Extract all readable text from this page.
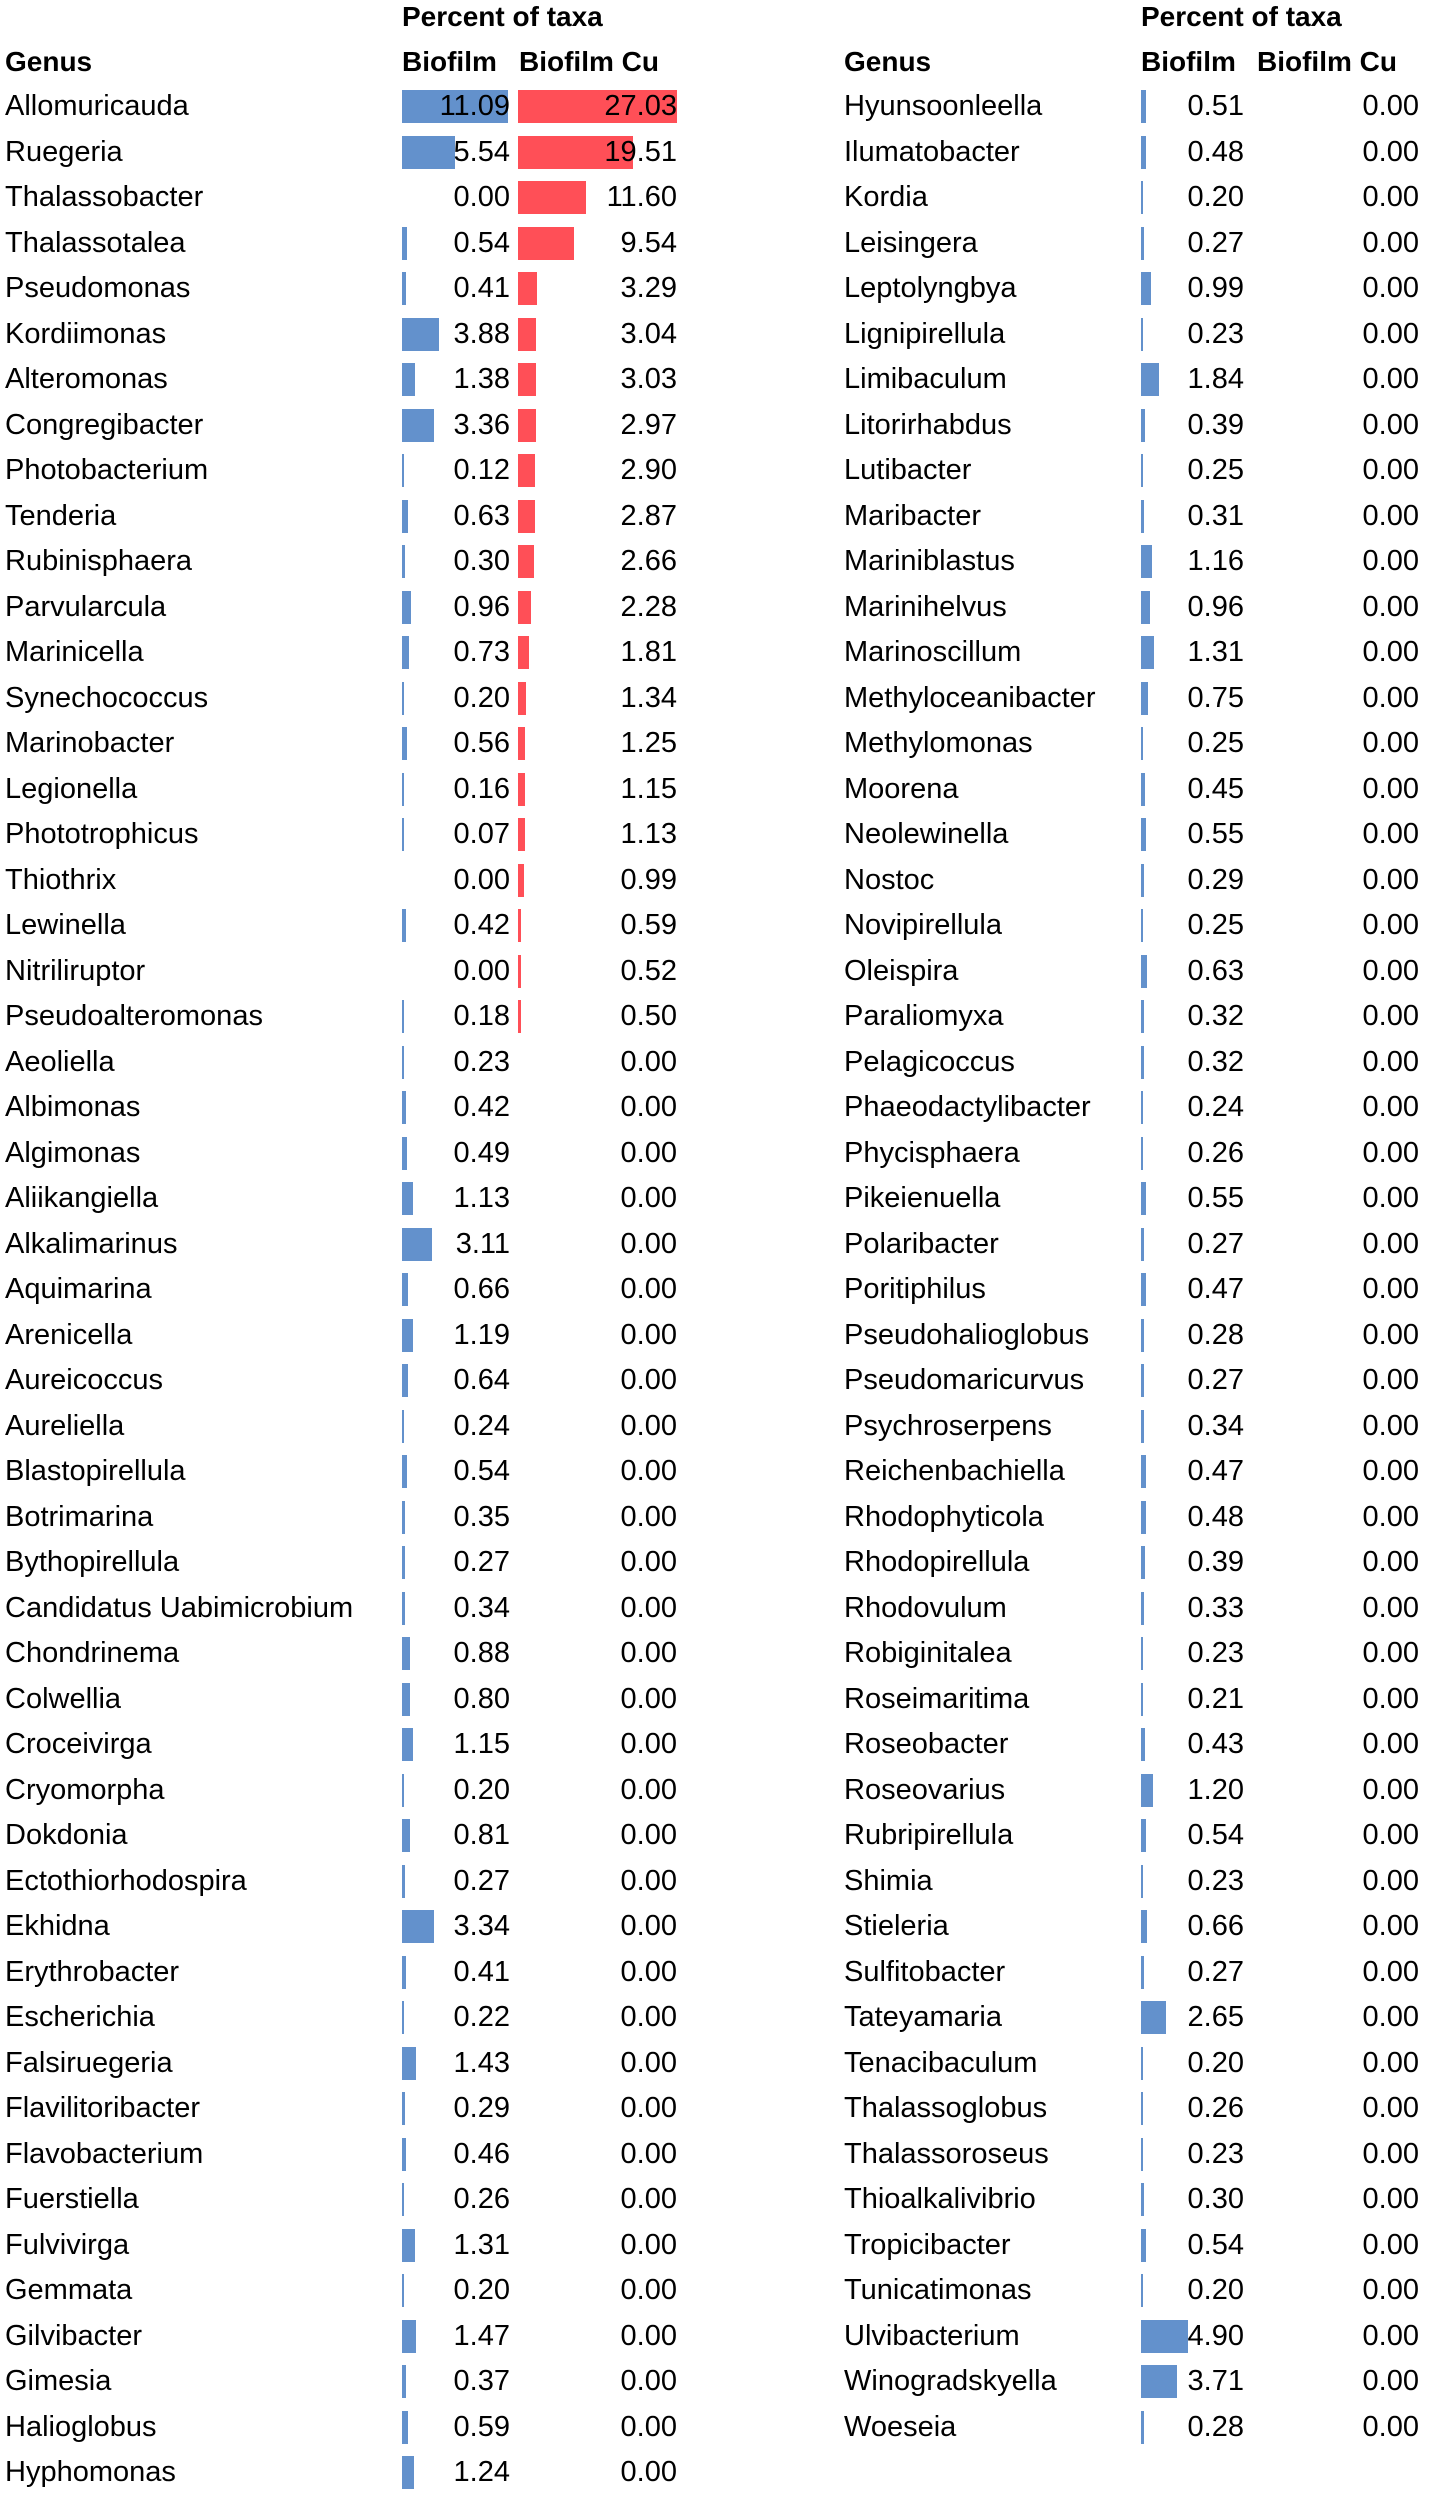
Percent of taxa
Genus	Biofilm Biofilm Cu
Percent of taxa
Genus	Biofilm Biofilm Cu
Allomuricauda	11.09	27.03
Ruegeria	5.54	19.51
Thalassobacter	0.00	11.60
Thalassotalea	0.54	9.54
Pseudomonas	0.41	3.29
Kordiimonas	3.88	3.04
Alteromonas	1.38	3.03
Congregibacter	3.36	2.97
Photobacterium	0.12	2.90
Tenderia	0.63	2.87
Rubinisphaera	0.30	2.66
Parvularcula	0.96	2.28
Marinicella	0.73	1.81
Synechococcus	0.20	1.34
Marinobacter	0.56	1.25
Legionella	0.16	1.15
Phototrophicus	0.07	1.13
Thiothrix	0.00	0.99
Lewinella	0.42	0.59
Nitriliruptor	0.00	0.52
Pseudoalteromonas	0.18	0.50
Aeoliella	0.23	0.00
Albimonas	0.42	0.00
Algimonas	0.49	0.00
Aliikangiella	1.13	0.00
Alkalimarinus	3.11	0.00
Aquimarina	0.66	0.00
Arenicella	1.19	0.00
Aureicoccus	0.64	0.00
Aureliella	0.24	0.00
Blastopirellula	0.54	0.00
Botrimarina	0.35	0.00
Bythopirellula	0.27	0.00
Candidatus Uabimicrobium	0.34	0.00
Chondrinema	0.88	0.00
Colwellia	0.80	0.00
Croceivirga	1.15	0.00
Cryomorpha	0.20	0.00
Dokdonia	0.81	0.00
Ectothiorhodospira	0.27	0.00
Ekhidna	3.34	0.00
Erythrobacter	0.41	0.00
Escherichia	0.22	0.00
Falsiruegeria	1.43	0.00
Flavilitoribacter	0.29	0.00
Flavobacterium	0.46	0.00
Fuerstiella	0.26	0.00
Fulvivirga	1.31	0.00
Gemmata	0.20	0.00
Gilvibacter	1.47	0.00
Gimesia	0.37	0.00
Halioglobus	0.59	0.00
Hyphomonas	1.24	0.00
Hyunsoonleella	0.51	0.00
Ilumatobacter	0.48	0.00
Kordia	0.20	0.00
Leisingera	0.27	0.00
Leptolyngbya	0.99	0.00
Lignipirellula	0.23	0.00
Limibaculum	1.84	0.00
Litorirhabdus	0.39	0.00
Lutibacter	0.25	0.00
Maribacter	0.31	0.00
Mariniblastus	1.16	0.00
Marinihelvus	0.96	0.00
Marinoscillum	1.31	0.00
Methyloceanibacter	0.75	0.00
Methylomonas	0.25	0.00
Moorena	0.45	0.00
Neolewinella	0.55	0.00
Nostoc	0.29	0.00
Novipirellula	0.25	0.00
Oleispira	0.63	0.00
Paraliomyxa	0.32	0.00
Pelagicoccus	0.32	0.00
Phaeodactylibacter	0.24	0.00
Phycisphaera	0.26	0.00
Pikeienuella	0.55	0.00
Polaribacter	0.27	0.00
Poritiphilus	0.47	0.00
Pseudohalioglobus	0.28	0.00
Pseudomaricurvus	0.27	0.00
Psychroserpens	0.34	0.00
Reichenbachiella	0.47	0.00
Rhodophyticola	0.48	0.00
Rhodopirellula	0.39	0.00
Rhodovulum	0.33	0.00
Robiginitalea	0.23	0.00
Roseimaritima	0.21	0.00
Roseobacter	0.43	0.00
Roseovarius	1.20	0.00
Rubripirellula	0.54	0.00
Shimia	0.23	0.00
Stieleria	0.66	0.00
Sulfitobacter	0.27	0.00
Tateyamaria	2.65	0.00
Tenacibaculum	0.20	0.00
Thalassoglobus	0.26	0.00
Thalassoroseus	0.23	0.00
Thioalkalivibrio	0.30	0.00
Tropicibacter	0.54	0.00
Tunicatimonas	0.20	0.00
Ulvibacterium	4.90	0.00
Winogradskyella	3.71	0.00
Woeseia	0.28	0.00
